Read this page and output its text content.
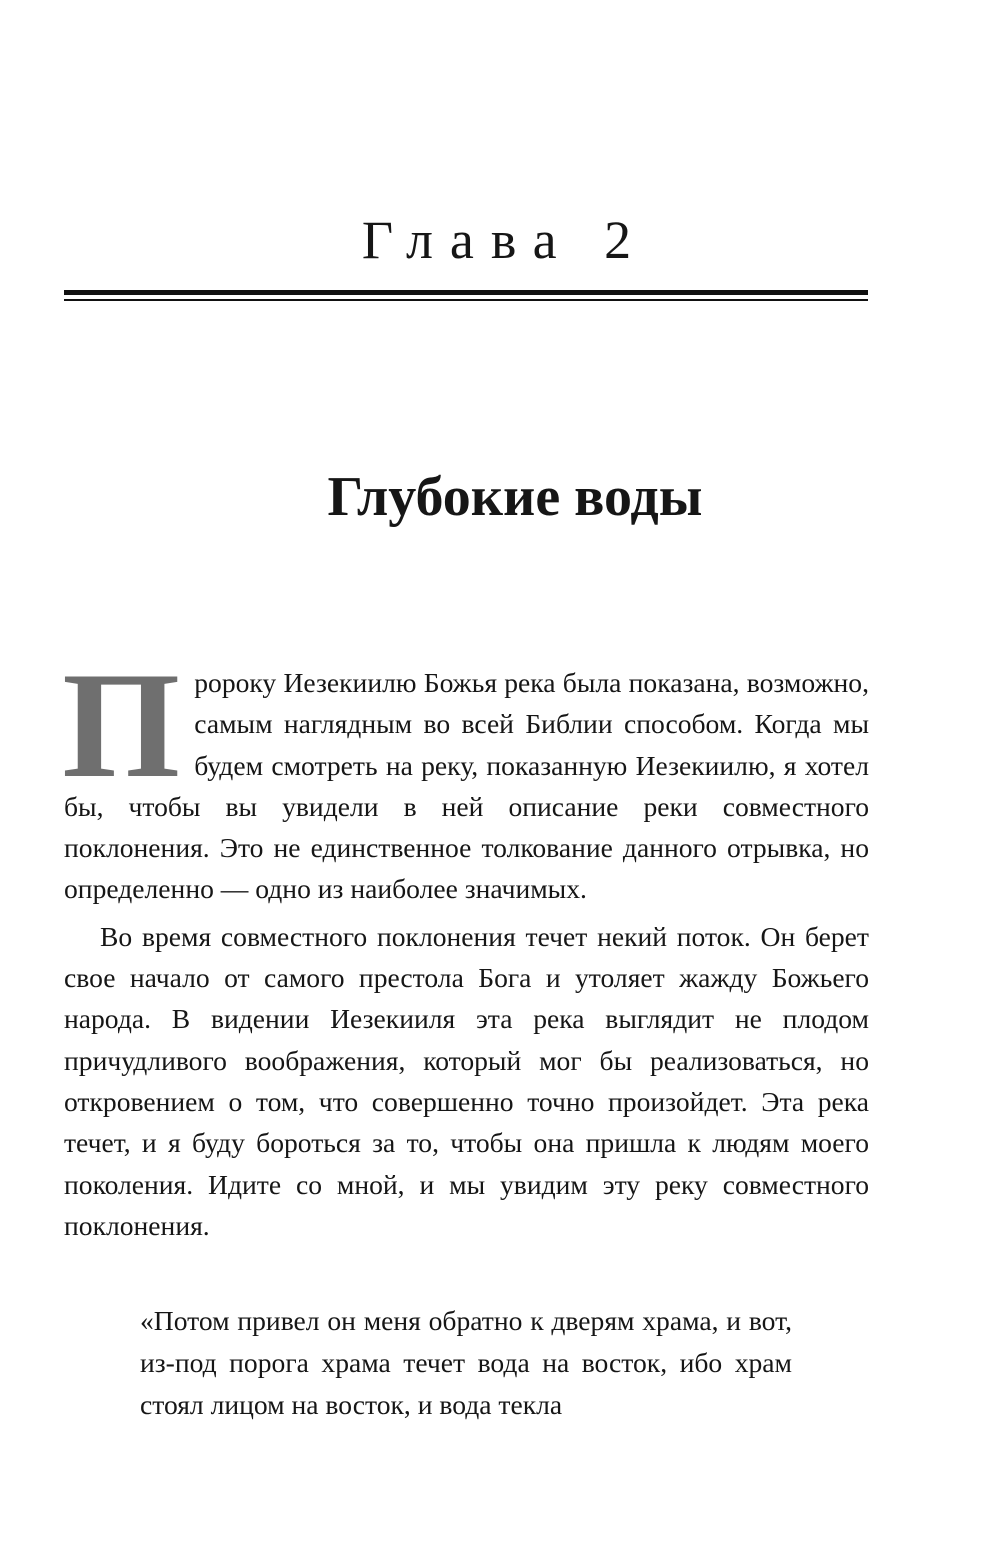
Глава 2
Глубокие воды

П ророку Иезекиилю Божья река была показана, возможно, самым наглядным во всей Библии способом. Когда мы будем смотреть на реку, показанную Иезекиилю, я хотел бы, чтобы вы увидели в ней описание реки совместного поклонения. Это не единственное толкование данного отрывка, но определенно — одно из наиболее значимых.

Во время совместного поклонения течет некий поток. Он берет свое начало от самого престола Бога и утоляет жажду Божьего народа. В видении Иезекииля эта река выглядит не плодом причудливого воображения, который мог бы реализоваться, но откровением о том, что совершенно точно произойдет. Эта река течет, и я буду бороться за то, чтобы она пришла к людям моего поколения. Идите со мной, и мы увидим эту реку совместного поклонения.

«Потом привел он меня обратно к дверям храма, и вот, из-под порога храма течет вода на восток, ибо храм стоял лицом на восток, и вода текла
